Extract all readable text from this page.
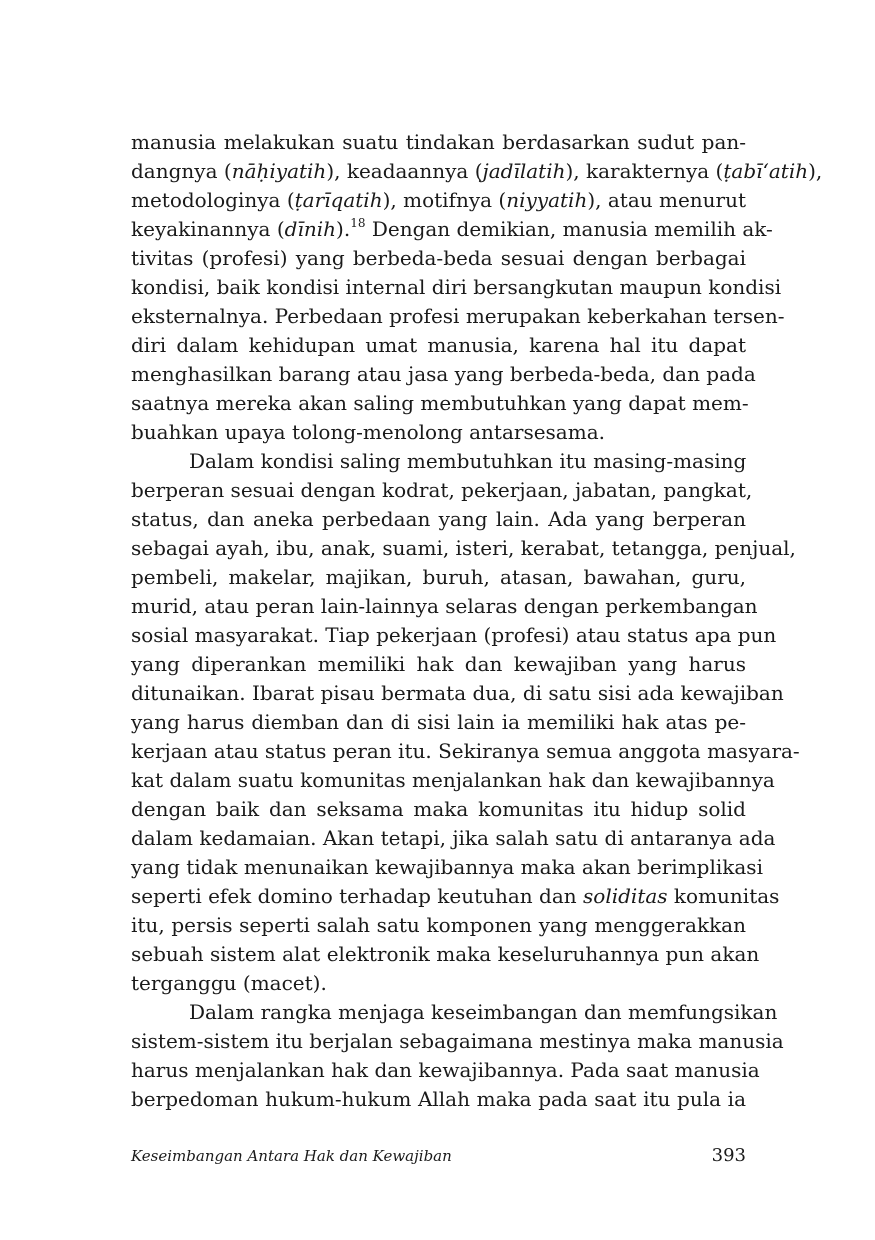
manusia melakukan suatu tindakan berdasarkan sudut pan-
dangnya (nāḥiyatih), keadaannya (jadīlatih), karakternya (ṭabī‘atih),
metodologinya (ṭarīqatih), motifnya (niyyatih), atau menurut
keyakinannya (dīnih).$^{18}$ Dengan demikian, manusia memilih ak-
tivitas (profesi) yang berbeda-beda sesuai dengan berbagai
kondisi, baik kondisi internal diri bersangkutan maupun kondisi
eksternalnya. Perbedaan profesi merupakan keberkahan tersen-
diri dalam kehidupan umat manusia, karena hal itu dapat
menghasilkan barang atau jasa yang berbeda-beda, dan pada
saatnya mereka akan saling membutuhkan yang dapat mem-
buahkan upaya tolong-menolong antarsesama.
Dalam kondisi saling membutuhkan itu masing-masing
berperan sesuai dengan kodrat, pekerjaan, jabatan, pangkat,
status, dan aneka perbedaan yang lain. Ada yang berperan
sebagai ayah, ibu, anak, suami, isteri, kerabat, tetangga, penjual,
pembeli, makelar, majikan, buruh, atasan, bawahan, guru,
murid, atau peran lain-lainnya selaras dengan perkembangan
sosial masyarakat. Tiap pekerjaan (profesi) atau status apa pun
yang diperankan memiliki hak dan kewajiban yang harus
ditunaikan. Ibarat pisau bermata dua, di satu sisi ada kewajiban
yang harus diemban dan di sisi lain ia memiliki hak atas pe-
kerjaan atau status peran itu. Sekiranya semua anggota masyara-
kat dalam suatu komunitas menjalankan hak dan kewajibannya
dengan baik dan seksama maka komunitas itu hidup solid
dalam kedamaian. Akan tetapi, jika salah satu di antaranya ada
yang tidak menunaikan kewajibannya maka akan berimplikasi
seperti efek domino terhadap keutuhan dan soliditas komunitas
itu, persis seperti salah satu komponen yang menggerakkan
sebuah sistem alat elektronik maka keseluruhannya pun akan
terganggu (macet).
Dalam rangka menjaga keseimbangan dan memfungsikan
sistem-sistem itu berjalan sebagaimana mestinya maka manusia
harus menjalankan hak dan kewajibannya. Pada saat manusia
berpedoman hukum-hukum Allah maka pada saat itu pula ia
Keseimbangan Antara Hak dan Kewajiban	393
